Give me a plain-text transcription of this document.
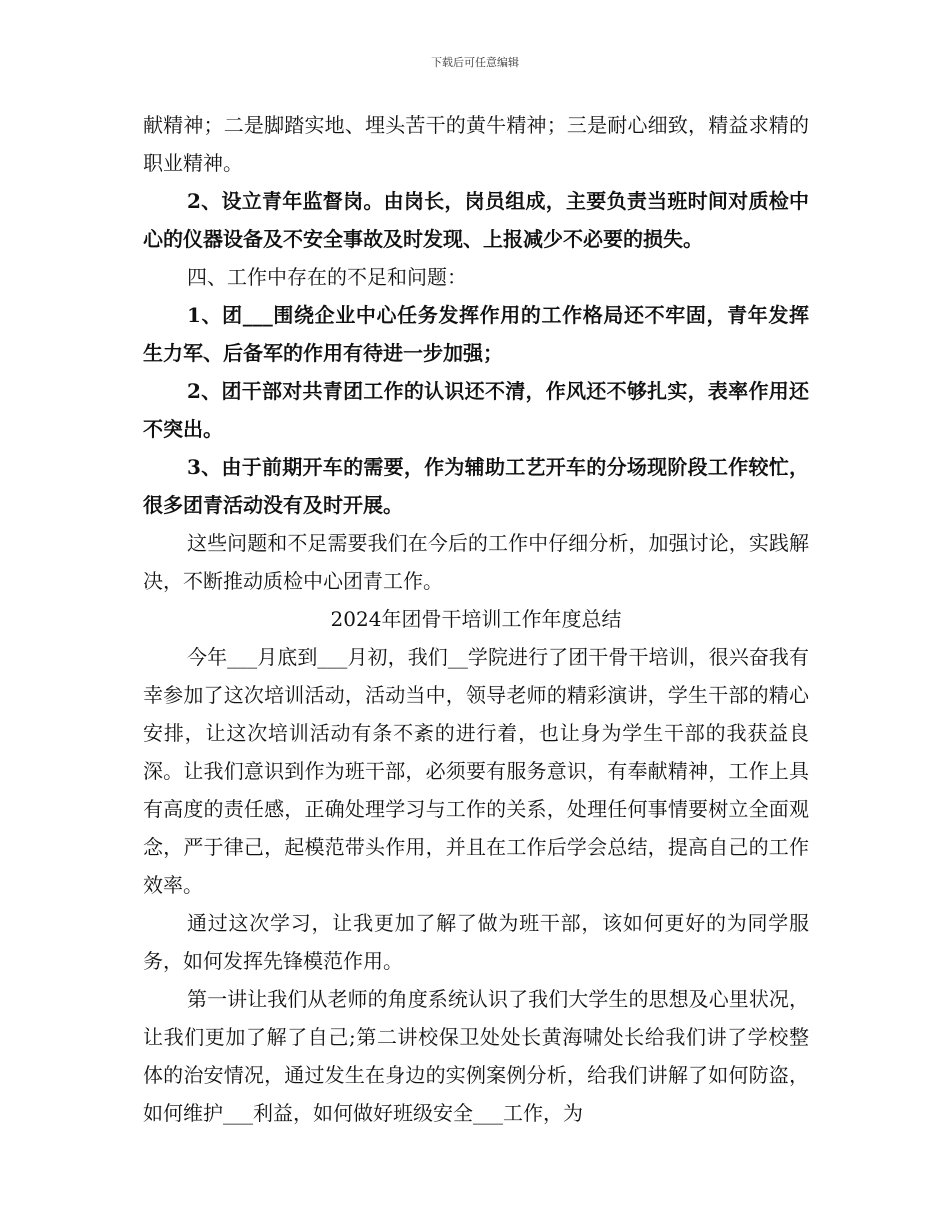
下载后可任意编辑

献精神；二是脚踏实地、埋头苦干的黄牛精神；三是耐心细致，精益求精的职业精神。

2、设立青年监督岗。由岗长，岗员组成，主要负责当班时间对质检中心的仪器设备及不安全事故及时发现、上报减少不必要的损失。

四、工作中存在的不足和问题：

1、团___围绕企业中心任务发挥作用的工作格局还不牢固，青年发挥生力军、后备军的作用有待进一步加强；

2、团干部对共青团工作的认识还不清，作风还不够扎实，表率作用还不突出。

3、由于前期开车的需要，作为辅助工艺开车的分场现阶段工作较忙，很多团青活动没有及时开展。

这些问题和不足需要我们在今后的工作中仔细分析，加强讨论，实践解决，不断推动质检中心团青工作。

2024年团骨干培训工作年度总结

今年___月底到___月初，我们__学院进行了团干骨干培训，很兴奋我有幸参加了这次培训活动，活动当中，领导老师的精彩演讲，学生干部的精心安排，让这次培训活动有条不紊的进行着，也让身为学生干部的我获益良深。让我们意识到作为班干部，必须要有服务意识，有奉献精神，工作上具有高度的责任感，正确处理学习与工作的关系，处理任何事情要树立全面观念，严于律己，起模范带头作用，并且在工作后学会总结，提高自己的工作效率。

通过这次学习，让我更加了解了做为班干部，该如何更好的为同学服务，如何发挥先锋模范作用。

第一讲让我们从老师的角度系统认识了我们大学生的思想及心里状况，让我们更加了解了自己;第二讲校保卫处处长黄海啸处长给我们讲了学校整体的治安情况，通过发生在身边的实例案例分析，给我们讲解了如何防盗，如何维护___利益，如何做好班级安全___工作，为
